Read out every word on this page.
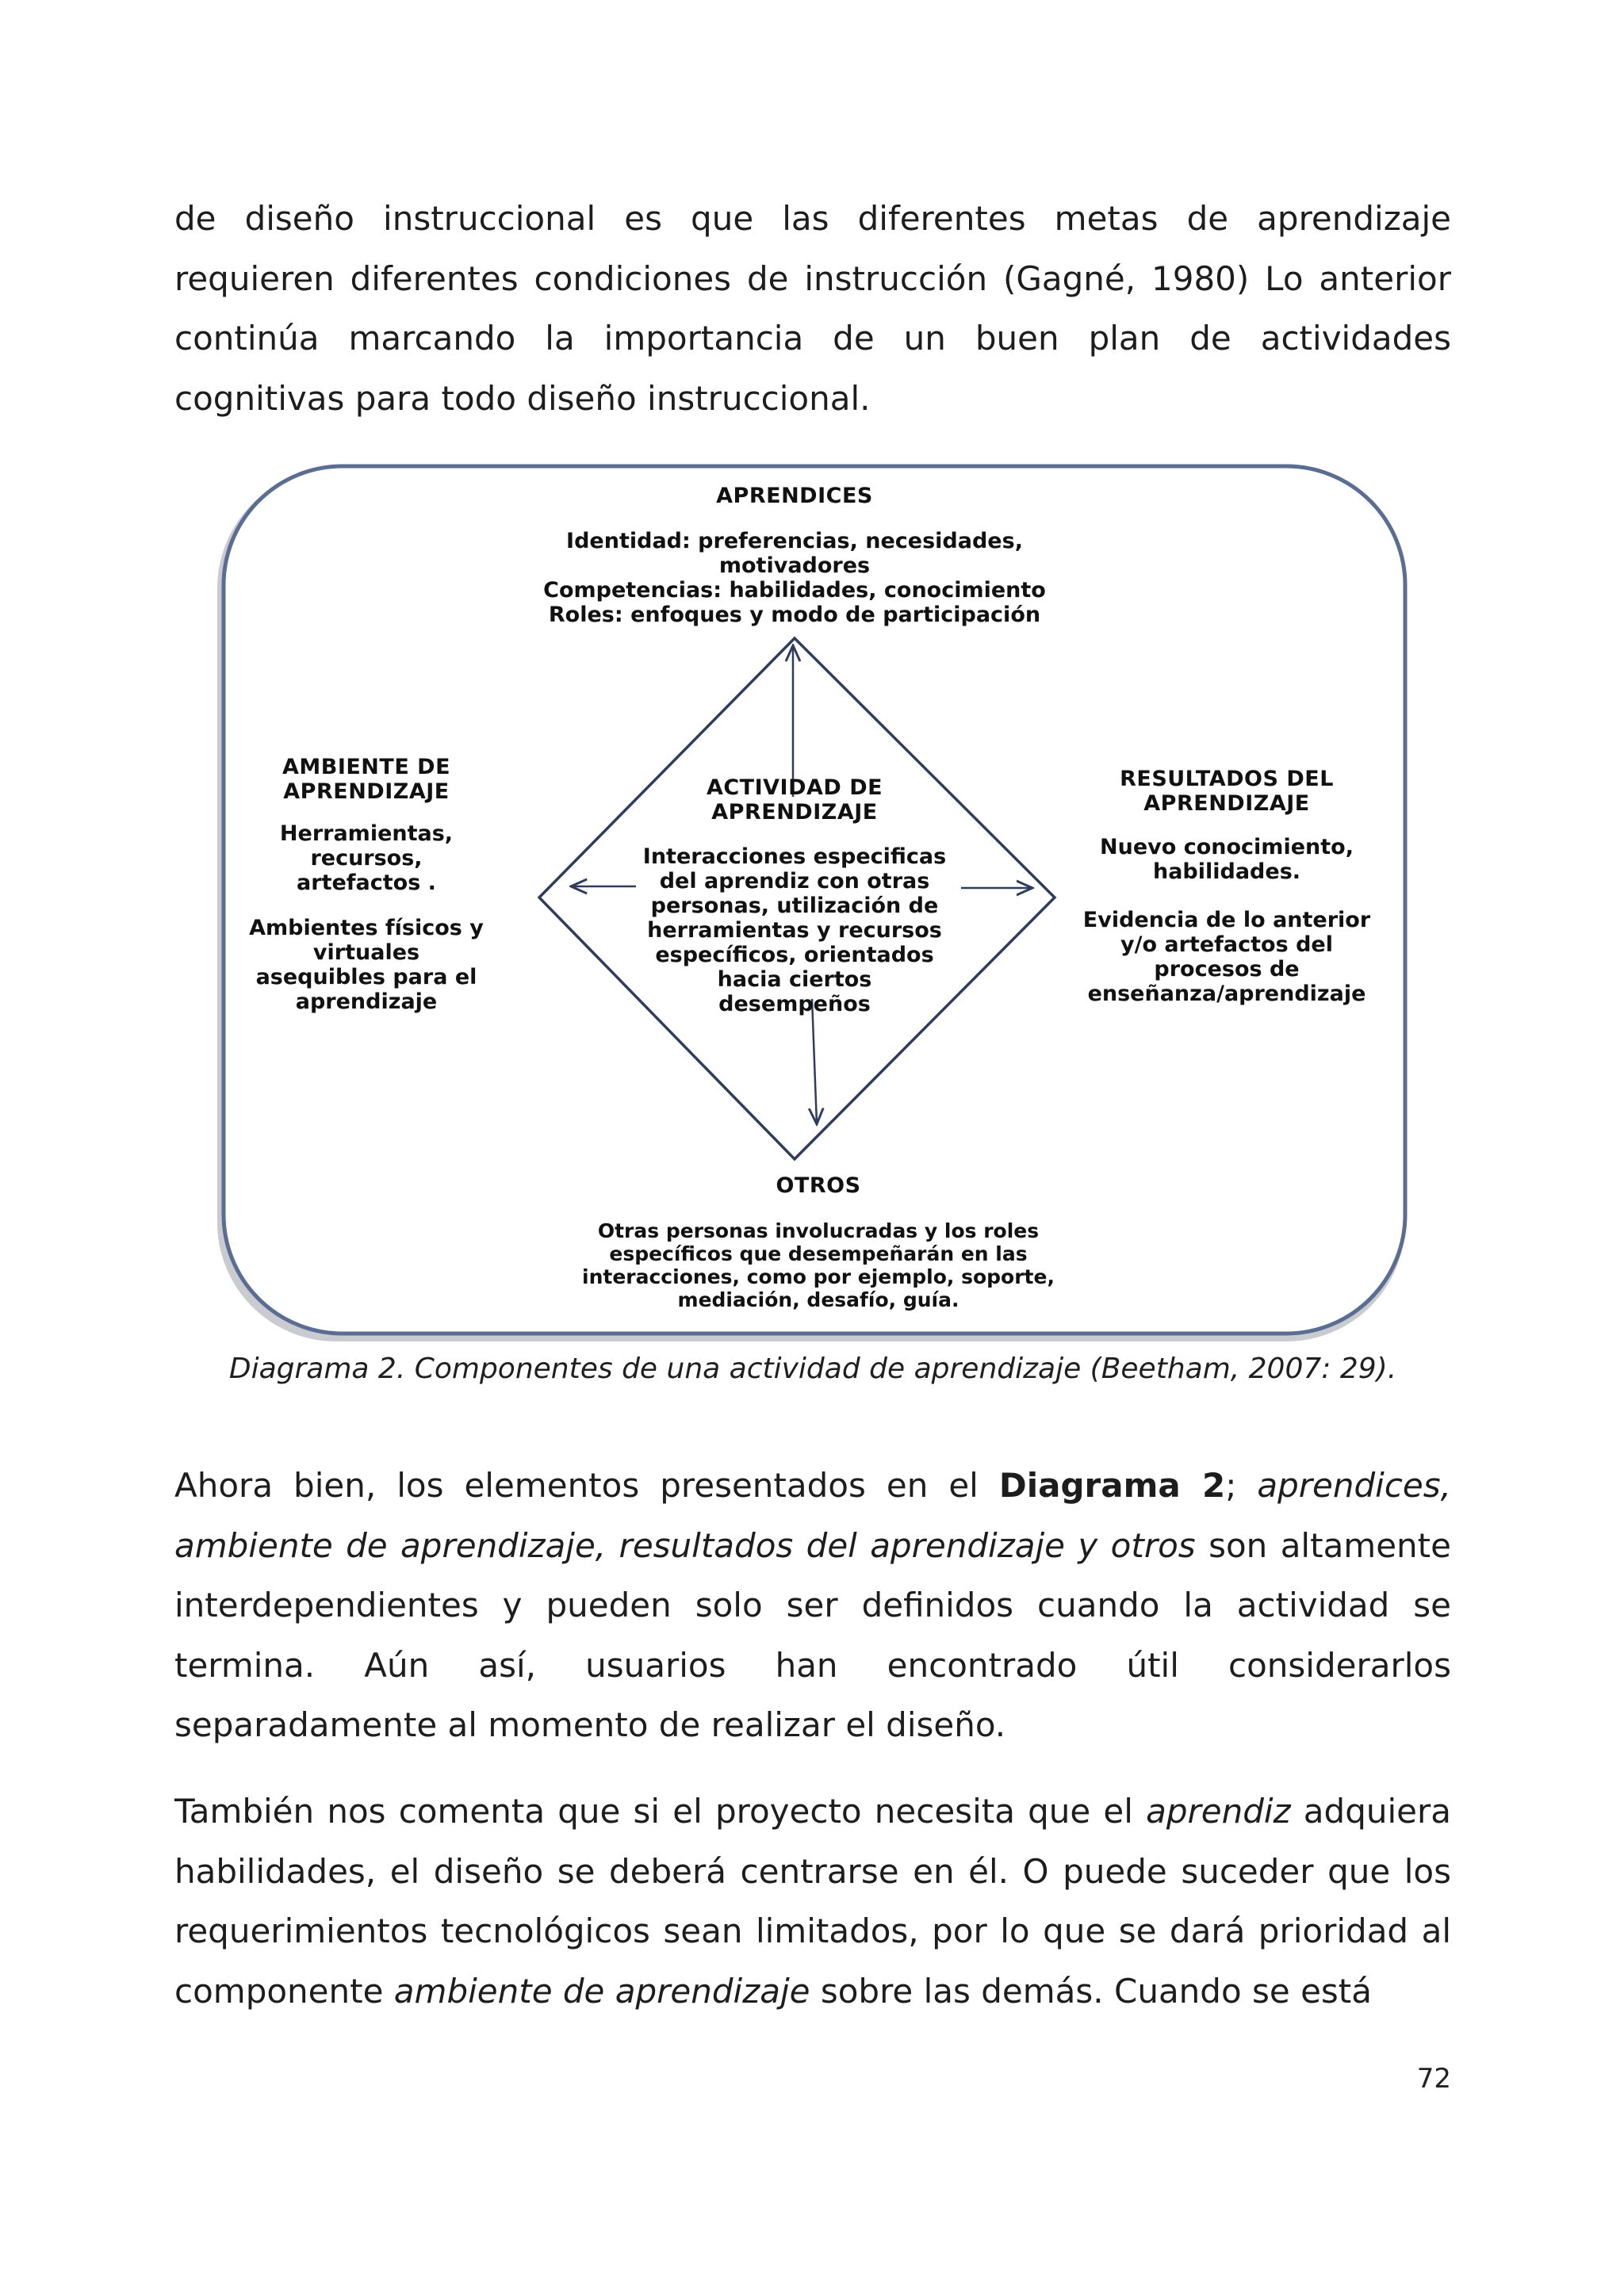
de diseño instruccional es que las diferentes metas de aprendizaje requieren diferentes condiciones de instrucción (Gagné, 1980) Lo anterior continúa marcando la importancia de un buen plan de actividades cognitivas para todo diseño instruccional.

APRENDICES
Identidad: preferencias, necesidades,
motivadores
Competencias: habilidades, conocimiento
Roles: enfoques y modo de participación
AMBIENTE DE
APRENDIZAJE
Herramientas,
recursos,
artefactos .
Ambientes físicos y
virtuales
asequibles para el
aprendizaje
ACTIVIDAD DE
APRENDIZAJE
Interacciones especificas
del aprendiz con otras
personas, utilización de
herramientas y recursos
específicos, orientados
hacia ciertos
desempeños
RESULTADOS DEL
APRENDIZAJE
Nuevo conocimiento,
habilidades.
Evidencia de lo anterior
y/o artefactos del
procesos de
enseñanza/aprendizaje
OTROS
Otras personas involucradas y los roles
específicos que desempeñarán en las
interacciones, como por ejemplo, soporte,
mediación, desafío, guía.
Diagrama 2. Componentes de una actividad de aprendizaje (Beetham, 2007: 29).

Ahora bien, los elementos presentados en el Diagrama 2; aprendices, ambiente de aprendizaje, resultados del aprendizaje y otros son altamente interdependientes y pueden solo ser definidos cuando la actividad se termina. Aún así, usuarios han encontrado útil considerarlos separadamente al momento de realizar el diseño.

También nos comenta que si el proyecto necesita que el aprendiz adquiera habilidades, el diseño se deberá centrarse en él. O puede suceder que los requerimientos tecnológicos sean limitados, por lo que se dará prioridad al componente ambiente de aprendizaje sobre las demás. Cuando se está

72
